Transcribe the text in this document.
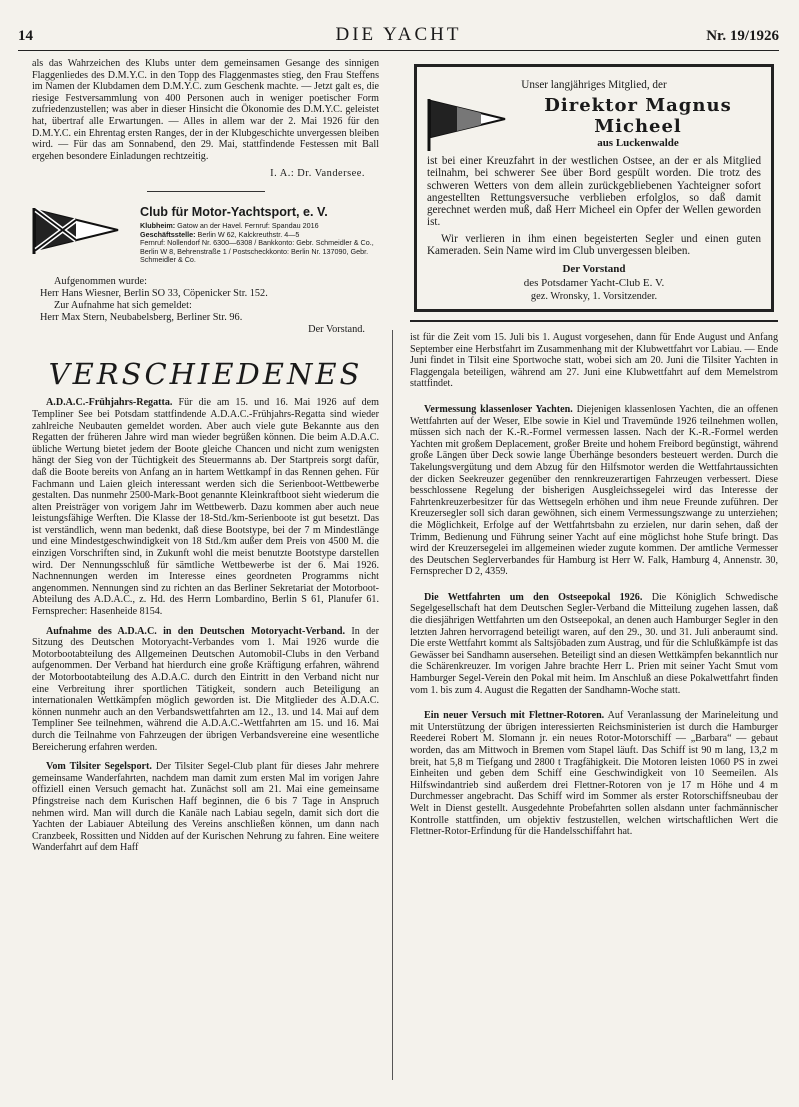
14	DIE YACHT	Nr. 19/1926

als das Wahrzeichen des Klubs unter dem gemeinsamen Gesange des sinnigen Flaggenliedes des D.M.Y.C. in den Topp des Flaggenmastes stieg, den Frau Steffens im Namen der Klubdamen dem D.M.Y.C. zum Geschenk machte. — Jetzt galt es, die riesige Festversammlung von 400 Personen auch in weniger poetischer Form zufriedenzustellen; was aber in dieser Hinsicht die Ökonomie des D.M.Y.C. geleistet hat, übertraf alle Erwartungen. — Alles in allem war der 2. Mai 1926 für den D.M.Y.C. ein Ehrentag ersten Ranges, der in der Klubgeschichte unvergessen bleiben wird. — Für das am Sonnabend, den 29. Mai, stattfindende Festessen mit Ball ergehen besondere Einladungen rechtzeitig.

I. A.: Dr. Vandersee.
Club für Motor-Yachtsport, e. V.
Klubheim: Gatow an der Havel. Fernruf: Spandau 2016
Geschäftsstelle: Berlin W 62, Kalckreuthstr. 4—5
Fernruf: Nollendorf Nr. 6300—6308 / Bankkonto: Gebr. Schmeidler & Co., Berlin W 8, Behrenstraße 1 / Postscheckkonto: Berlin Nr. 137090, Gebr. Schmeidler & Co.
Aufgenommen wurde:
Herr Hans Wiesner, Berlin SO 33, Cöpenicker Str. 152.
Zur Aufnahme hat sich gemeldet:
Herr Max Stern, Neubabelsberg, Berliner Str. 96.
Der Vorstand.
VERSCHIEDENES

A.D.A.C.-Frühjahrs-Regatta. Für die am 15. und 16. Mai 1926 auf dem Templiner See bei Potsdam stattfindende A.D.A.C.-Frühjahrs-Regatta sind wieder zahlreiche Neubauten gemeldet worden. Aber auch viele gute Bekannte aus den Regatten der früheren Jahre wird man wieder begrüßen können. Die beim A.D.A.C. übliche Wertung bietet jedem der Boote gleiche Chancen und nicht zum wenigsten hängt der Sieg von der Tüchtigkeit des Steuermanns ab. Der Startpreis sorgt dafür, daß die Boote bereits von Anfang an in hartem Wettkampf in das Rennen gehen. Für Fachmann und Laien gleich interessant werden sich die Serienboot-Wettbewerbe gestalten. Das nunmehr 2500-Mark-Boot genannte Kleinkraftboot sieht wiederum die alten Preisträger von vorigem Jahr im Wettbewerb. Dazu kommen aber auch neue leistungsfähige Werften. Die Klasse der 18-Std./km-Serienboote ist gut besetzt. Das ist verständlich, wenn man bedenkt, daß diese Bootstype, bei der 7 m Mindestlänge und eine Mindestgeschwindigkeit von 18 Std./km außer dem Preis von 4500 M. die einzigen Vorschriften sind, in Zukunft wohl die meist benutzte Bootstype darstellen wird. Der Nennungsschluß für sämtliche Wettbewerbe ist der 6. Mai 1926. Nachnennungen werden im Interesse eines geordneten Programms nicht angenommen. Nennungen sind zu richten an das Berliner Sekretariat der Motorboot-Abteilung des A.D.A.C., z. Hd. des Herrn Lombardino, Berlin S 61, Planufer 61. Fernsprecher: Hasenheide 8154.

Aufnahme des A.D.A.C. in den Deutschen Motoryacht-Verband. In der Sitzung des Deutschen Motoryacht-Verbandes vom 1. Mai 1926 wurde die Motorbootabteilung des Allgemeinen Deutschen Automobil-Clubs in den Verband aufgenommen. Der Verband hat hierdurch eine große Kräftigung erfahren, während der Motorbootabteilung des A.D.A.C. durch den Eintritt in den Verband nicht nur eine Verbreitung ihrer sportlichen Tätigkeit, sondern auch Beteiligung an internationalen Wettkämpfen möglich geworden ist. Die Mitglieder des A.D.A.C. können nunmehr auch an den Verbandswettfahrten am 12., 13. und 14. Mai auf dem Templiner See teilnehmen, während die A.D.A.C.-Wettfahrten am 15. und 16. Mai durch die Teilnahme von Fahrzeugen der übrigen Verbandsvereine eine wesentliche Bereicherung erfahren werden.

Vom Tilsiter Segelsport. Der Tilsiter Segel-Club plant für dieses Jahr mehrere gemeinsame Wanderfahrten, nachdem man damit zum ersten Mal im vorigen Jahre offiziell einen Versuch gemacht hat. Zunächst soll am 21. Mai eine gemeinsame Pfingstreise nach dem Kurischen Haff beginnen, die 6 bis 7 Tage in Anspruch nehmen wird. Man will durch die Kanäle nach Labiau segeln, damit sich dort die Yachten der Labiauer Abteilung des Vereins anschließen können, um dann nach Cranzbeek, Rossitten und Nidden auf der Kurischen Nehrung zu fahren. Eine weitere Wanderfahrt auf dem Haff

Unser langjähriges Mitglied, der
Direktor Magnus Micheel
aus Luckenwalde

ist bei einer Kreuzfahrt in der westlichen Ostsee, an der er als Mitglied teilnahm, bei schwerer See über Bord gespült worden. Die trotz des schweren Wetters von dem allein zurückgebliebenen Yachteigner sofort angestellten Rettungsversuche verblieben erfolglos, so daß damit gerechnet werden muß, daß Herr Micheel ein Opfer der Wellen geworden ist.

Wir verlieren in ihm einen begeisterten Segler und einen guten Kameraden. Sein Name wird im Club unvergessen bleiben.

Der Vorstand
des Potsdamer Yacht-Club E. V.
gez. Wronsky, 1. Vorsitzender.

ist für die Zeit vom 15. Juli bis 1. August vorgesehen, dann für Ende August und Anfang September eine Herbstfahrt im Zusammenhang mit der Klubwettfahrt vor Labiau. — Ende Juni findet in Tilsit eine Sportwoche statt, wobei sich am 20. Juni die Tilsiter Yachten in Flaggengala beteiligen, während am 27. Juni eine Klubwettfahrt auf dem Memelstrom stattfindet.

Vermessung klassenloser Yachten. Diejenigen klassenlosen Yachten, die an offenen Wettfahrten auf der Weser, Elbe sowie in Kiel und Travemünde 1926 teilnehmen wollen, müssen sich nach der K.-R.-Formel vermessen lassen. Nach der K.-R.-Formel werden Yachten mit großem Deplacement, großer Breite und hohem Freibord begünstigt, während große Längen über Deck sowie lange Überhänge besonders besteuert werden. Durch die Takelungsvergütung und dem Abzug für den Hilfsmotor werden die Wettfahrtaussichten der dicken Seekreuzer gegenüber den rennkreuzerartigen Fahrzeugen verbessert. Diese besschlossene Regelung der bisherigen Ausgleichssegelei wird das Interesse der Fahrtenkreuzerbesitzer für das Wettsegeln erhöhen und ihm neue Freunde zuführen. Der Kreuzersegler soll sich daran gewöhnen, sich einem Vermessungszwange zu unterziehen; die Möglichkeit, Erfolge auf der Wettfahrtsbahn zu erzielen, nur darin sehen, daß der Trimm, Bedienung und Führung seiner Yacht auf eine möglichst hohe Stufe bringt. Das wird der Kreuzersegelei im allgemeinen wieder zugute kommen. Der amtliche Vermesser des Deutschen Seglerverbandes für Hamburg ist Herr W. Falk, Hamburg 4, Annenstr. 30, Fernsprecher D 2, 4359.

Die Wettfahrten um den Ostseepokal 1926. Die Königlich Schwedische Segelgesellschaft hat dem Deutschen Segler-Verband die Mitteilung zugehen lassen, daß die diesjährigen Wettfahrten um den Ostseepokal, an denen auch Hamburger Segler in den letzten Jahren hervorragend beteiligt waren, auf den 29., 30. und 31. Juli anberaumt sind. Die erste Wettfahrt kommt als Saltsjöbaden zum Austrag, und für die Schlußkämpfe ist das Gewässer bei Sandhamn ausersehen. Beteiligt sind an diesen Wettkämpfen bekanntlich nur die Schärenkreuzer. Im vorigen Jahre brachte Herr L. Prien mit seiner Yacht Smut vom Hamburger Segel-Verein den Pokal mit heim. Im Anschluß an diese Pokalwettfahrt finden vom 1. bis zum 4. August die Regatten der Sandhamn-Woche statt.

Ein neuer Versuch mit Flettner-Rotoren. Auf Veranlassung der Marineleitung und mit Unterstützung der übrigen interessierten Reichsministerien ist durch die Hamburger Reederei Robert M. Slomann jr. ein neues Rotor-Motorschiff — „Barbara“ — gebaut worden, das am Mittwoch in Bremen vom Stapel läuft. Das Schiff ist 90 m lang, 13,2 m breit, hat 5,8 m Tiefgang und 2800 t Tragfähigkeit. Die Motoren leisten 1060 PS in zwei Einheiten und geben dem Schiff eine Geschwindigkeit von 10 Seemeilen. Als Hilfswindantrieb sind außerdem drei Flettner-Rotoren von je 17 m Höhe und 4 m Durchmesser angebracht. Das Schiff wird im Sommer als erster Rotorschiffsneubau der Welt in Dienst gestellt. Ausgedehnte Probefahrten sollen alsdann unter fachmännischer Kontrolle stattfinden, um objektiv festzustellen, welchen wirtschaftlichen Wert die Flettner-Rotor-Erfindung für die Handelsschiffahrt hat.
